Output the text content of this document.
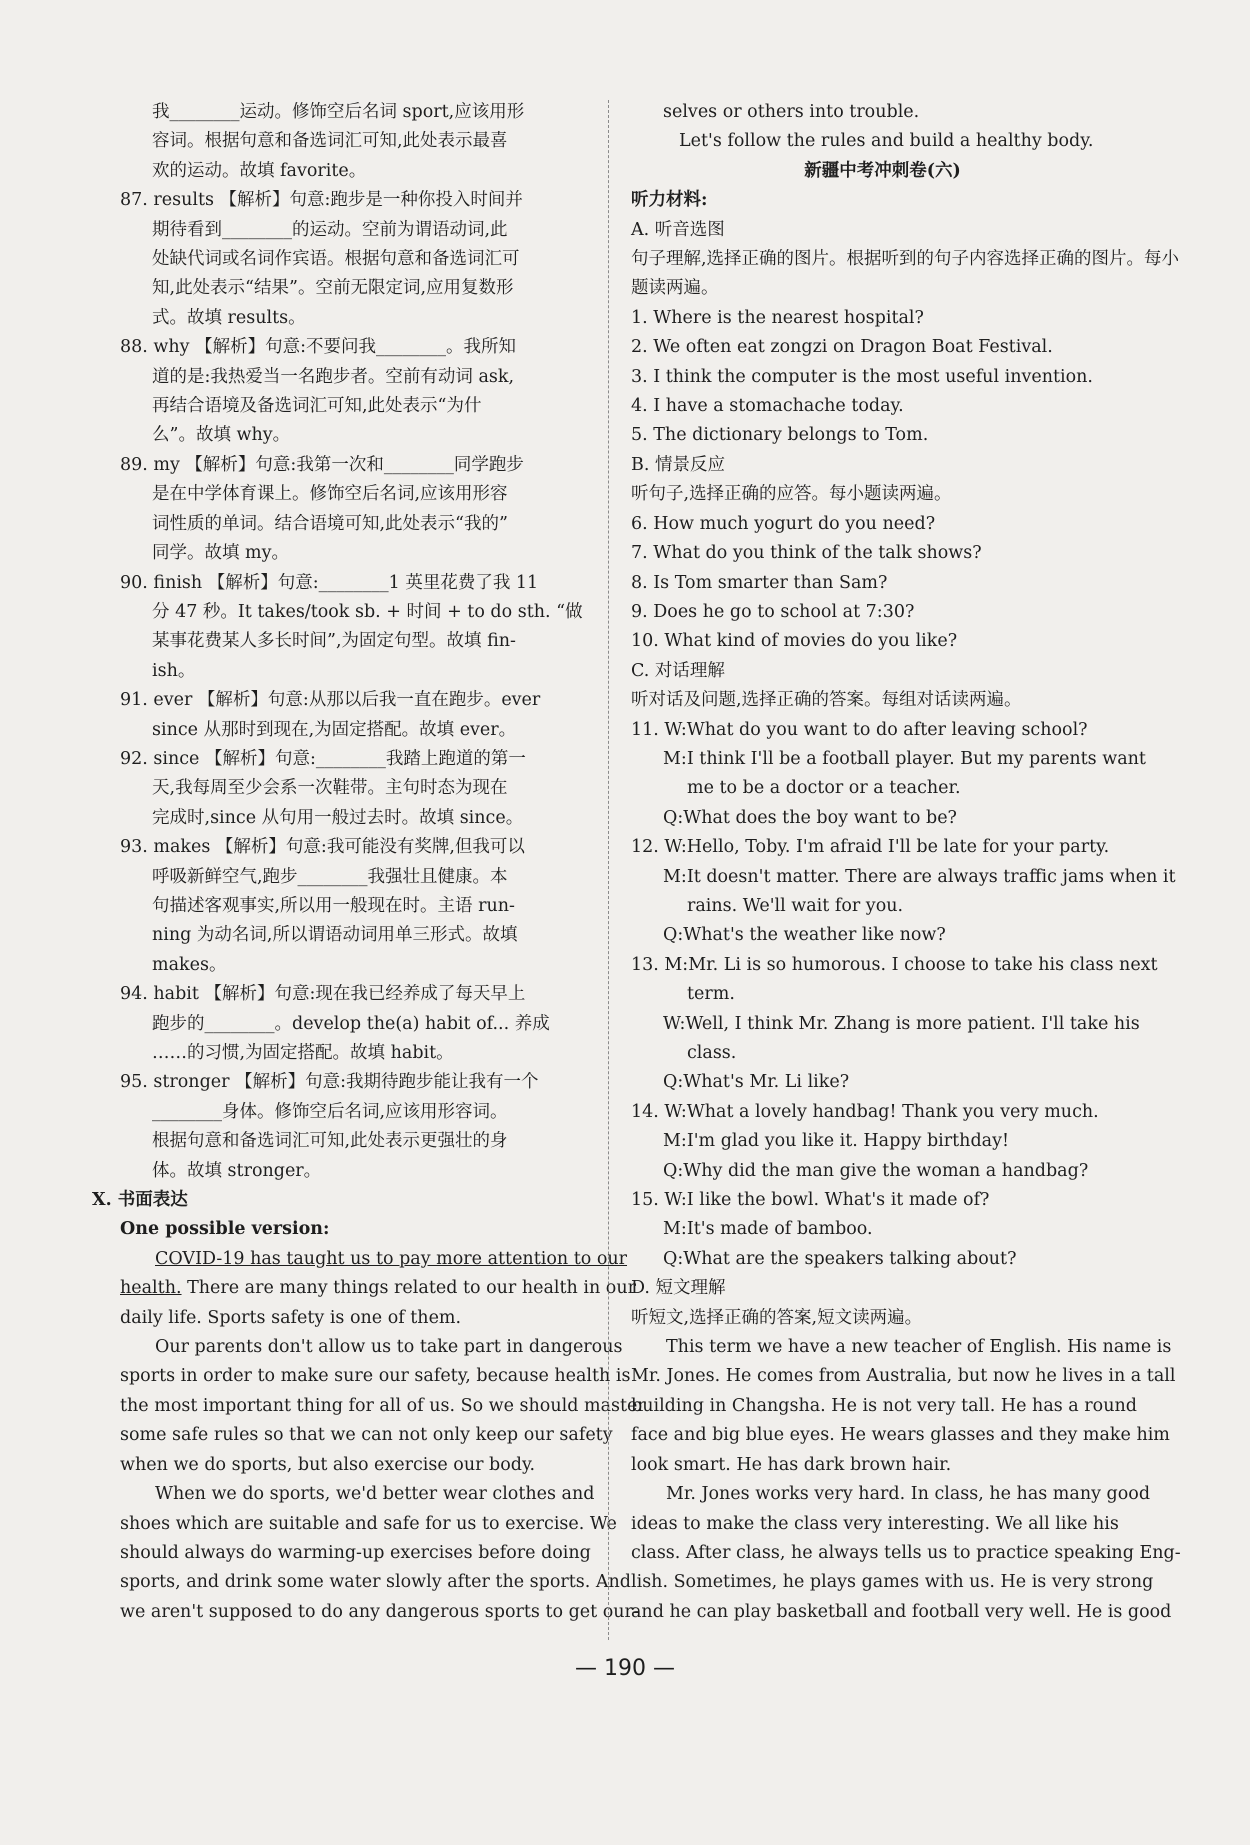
我________运动。修饰空后名词 sport,应该用形
容词。根据句意和备选词汇可知,此处表示最喜
欢的运动。故填 favorite。
87. results 【解析】句意:跑步是一种你投入时间并
期待看到________的运动。空前为谓语动词,此
处缺代词或名词作宾语。根据句意和备选词汇可
知,此处表示“结果”。空前无限定词,应用复数形
式。故填 results。
88. why 【解析】句意:不要问我________。我所知
道的是:我热爱当一名跑步者。空前有动词 ask,
再结合语境及备选词汇可知,此处表示“为什
么”。故填 why。
89. my 【解析】句意:我第一次和________同学跑步
是在中学体育课上。修饰空后名词,应该用形容
词性质的单词。结合语境可知,此处表示“我的”
同学。故填 my。
90. finish 【解析】句意:________1 英里花费了我 11
分 47 秒。It takes/took sb. + 时间 + to do sth. “做
某事花费某人多长时间”,为固定句型。故填 fin-
ish。
91. ever 【解析】句意:从那以后我一直在跑步。ever
since 从那时到现在,为固定搭配。故填 ever。
92. since 【解析】句意:________我踏上跑道的第一
天,我每周至少会系一次鞋带。主句时态为现在
完成时,since 从句用一般过去时。故填 since。
93. makes 【解析】句意:我可能没有奖牌,但我可以
呼吸新鲜空气,跑步________我强壮且健康。本
句描述客观事实,所以用一般现在时。主语 run-
ning 为动名词,所以谓语动词用单三形式。故填
makes。
94. habit 【解析】句意:现在我已经养成了每天早上
跑步的________。develop the(a) habit of... 养成
……的习惯,为固定搭配。故填 habit。
95. stronger 【解析】句意:我期待跑步能让我有一个
________身体。修饰空后名词,应该用形容词。
根据句意和备选词汇可知,此处表示更强壮的身
体。故填 stronger。
Ⅹ. 书面表达
One possible version:
COVID-19 has taught us to pay more attention to our
health. There are many things related to our health in our
daily life. Sports safety is one of them.
Our parents don't allow us to take part in dangerous
sports in order to make sure our safety, because health is
the most important thing for all of us. So we should master
some safe rules so that we can not only keep our safety
when we do sports, but also exercise our body.
When we do sports, we'd better wear clothes and
shoes which are suitable and safe for us to exercise. We
should always do warming-up exercises before doing
sports, and drink some water slowly after the sports. And
we aren't supposed to do any dangerous sports to get our-
selves or others into trouble.
Let's follow the rules and build a healthy body.
新疆中考冲刺卷(六)
听力材料:
A. 听音选图
句子理解,选择正确的图片。根据听到的句子内容选择正确的图片。每小
题读两遍。
1. Where is the nearest hospital?
2. We often eat zongzi on Dragon Boat Festival.
3. I think the computer is the most useful invention.
4. I have a stomachache today.
5. The dictionary belongs to Tom.
B. 情景反应
听句子,选择正确的应答。每小题读两遍。
6. How much yogurt do you need?
7. What do you think of the talk shows?
8. Is Tom smarter than Sam?
9. Does he go to school at 7:30?
10. What kind of movies do you like?
C. 对话理解
听对话及问题,选择正确的答案。每组对话读两遍。
11. W:What do you want to do after leaving school?
M:I think I'll be a football player. But my parents want
me to be a doctor or a teacher.
Q:What does the boy want to be?
12. W:Hello, Toby. I'm afraid I'll be late for your party.
M:It doesn't matter. There are always traffic jams when it
rains. We'll wait for you.
Q:What's the weather like now?
13. M:Mr. Li is so humorous. I choose to take his class next
term.
W:Well, I think Mr. Zhang is more patient. I'll take his
class.
Q:What's Mr. Li like?
14. W:What a lovely handbag! Thank you very much.
M:I'm glad you like it. Happy birthday!
Q:Why did the man give the woman a handbag?
15. W:I like the bowl. What's it made of?
M:It's made of bamboo.
Q:What are the speakers talking about?
D. 短文理解
听短文,选择正确的答案,短文读两遍。
This term we have a new teacher of English. His name is
Mr. Jones. He comes from Australia, but now he lives in a tall
building in Changsha. He is not very tall. He has a round
face and big blue eyes. He wears glasses and they make him
look smart. He has dark brown hair.
Mr. Jones works very hard. In class, he has many good
ideas to make the class very interesting. We all like his
class. After class, he always tells us to practice speaking Eng-
lish. Sometimes, he plays games with us. He is very strong
and he can play basketball and football very well. He is good
— 190 —
